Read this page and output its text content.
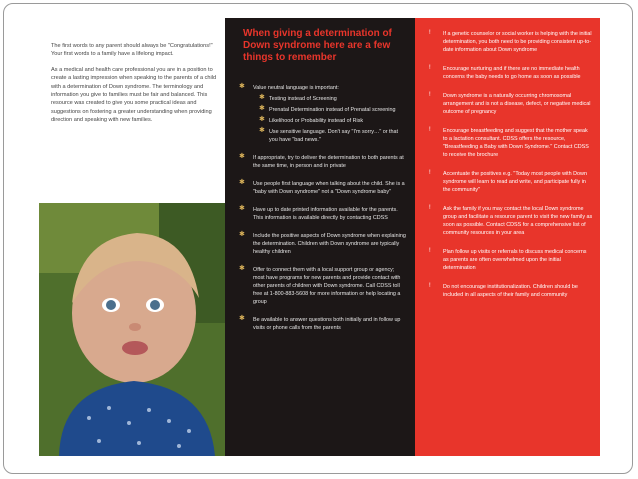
The first words to any parent should always be "Congratulations!" Your first words to a family have a lifelong impact.

As a medical and health care professional you are in a position to create a lasting impression when speaking to the parents of a child with a determination of Down syndrome. The terminology and information you give to families must be fair and balanced. This resource was created to give you some practical ideas and suggestions on fostering a greater understanding when providing direction and speaking with new families.

When giving a determination of Down syndrome here are a few things to remember
✱ Value neutral language is important:
✱ Testing instead of Screening
✱ Prenatal Determination instead of Prenatal screening
✱ Likelihood or Probability instead of Risk
✱ Use sensitive language. Don't say "I'm sorry…" or that you have "bad news."
✱ If appropriate, try to deliver the determination to both parents at the same time, in person and in private
✱ Use people first language when talking about the child. She is a "baby with Down syndrome" not a "Down syndrome baby"
✱ Have up to date printed information available for the parents. This information is available directly by contacting CDSS
✱ Include the positive aspects of Down syndrome when explaining the determination. Children with Down syndrome are typically healthy children
✱ Offer to connect them with a local support group or agency; most have programs for new parents and provide contact with other parents of children with Down syndrome. Call CDSS toll free at 1-800-883-5608 for more information or help locating a group
✱ Be available to answer questions both initially and in follow up visits or phone calls from the parents
! If a genetic counselor or social worker is helping with the initial determination, you both need to be providing consistent up-to-date information about Down syndrome
! Encourage nurturing and if there are no immediate health concerns the baby needs to go home as soon as possible
! Down syndrome is a naturally occurring chromosomal arrangement and is not a disease, defect, or negative medical outcome of pregnancy
! Encourage breastfeeding and suggest that the mother speak to a lactation consultant. CDSS offers the resource, "Breastfeeding a Baby with Down Syndrome." Contact CDSS to receive the brochure
! Accentuate the positives e.g. "Today most people with Down syndrome will learn to read and write, and participate fully in the community"
! Ask the family if you may contact the local Down syndrome group and facilitate a resource parent to visit the new family as soon as possible. Contact CDSS for a comprehensive list of community resources in your area
! Plan follow up visits or referrals to discuss medical concerns as parents are often overwhelmed upon the initial determination
! Do not encourage institutionalization. Children should be included in all aspects of their family and community
